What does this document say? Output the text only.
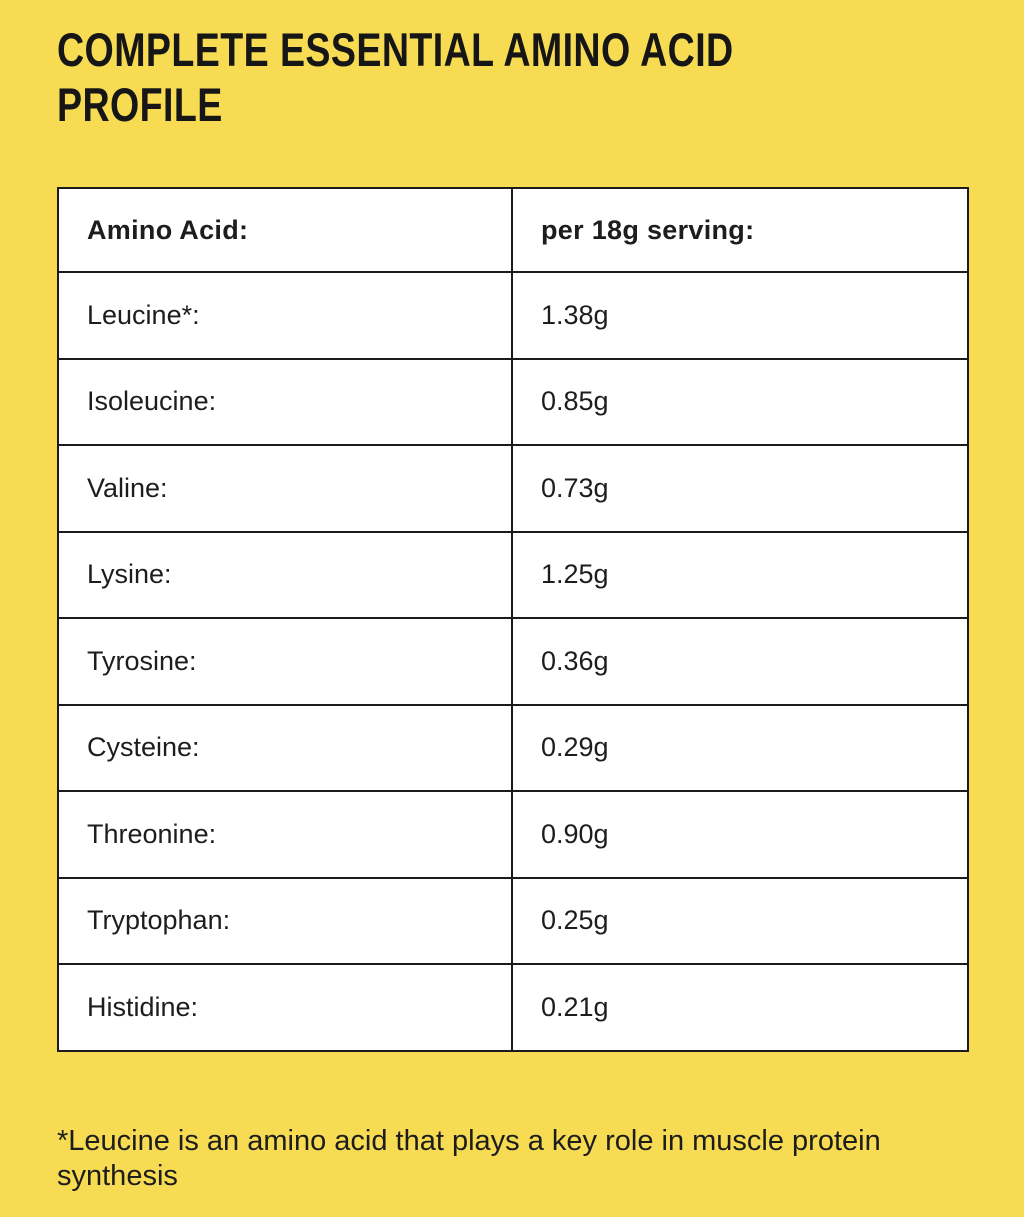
COMPLETE ESSENTIAL AMINO ACID
PROFILE
Amino Acid:	per 18g serving:
Leucine*:	1.38g
Isoleucine:	0.85g
Valine:	0.73g
Lysine:	1.25g
Tyrosine:	0.36g
Cysteine:	0.29g
Threonine:	0.90g
Tryptophan:	0.25g
Histidine:	0.21g

*Leucine is an amino acid that plays a key role in muscle protein synthesis
